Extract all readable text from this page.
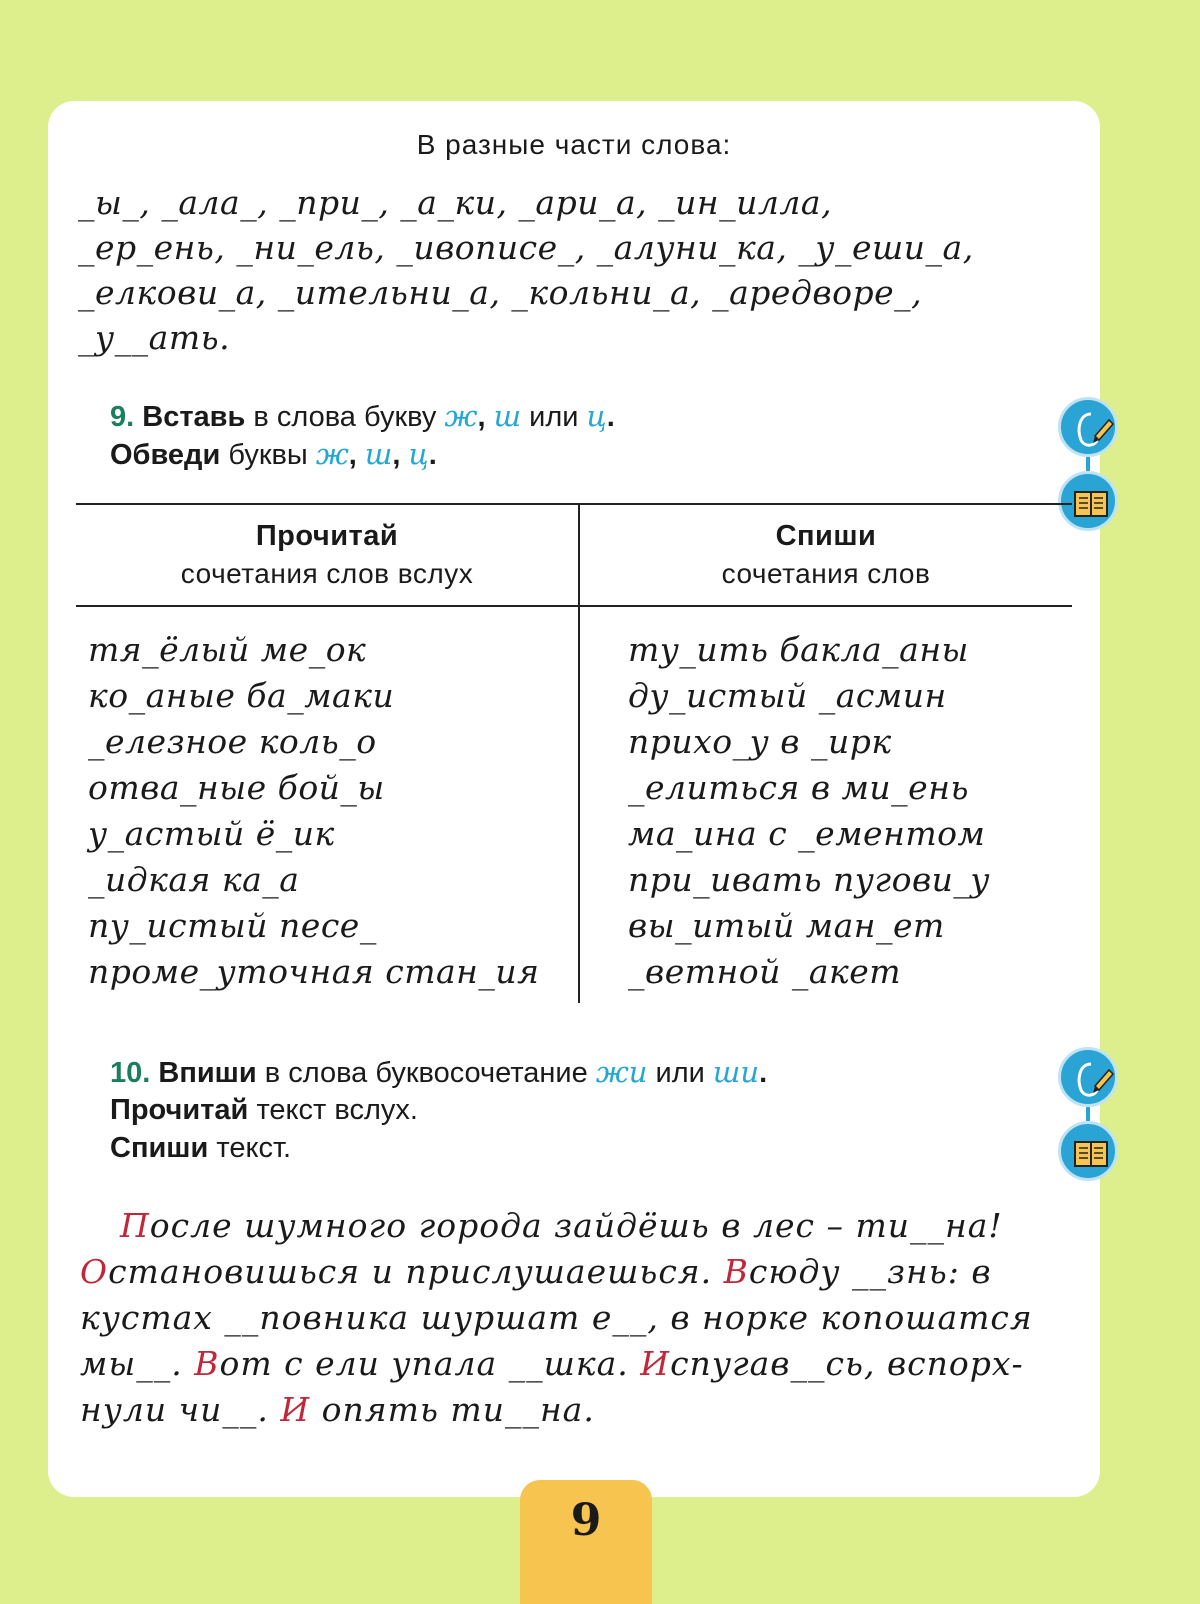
В разные части слова:
_ы_, _ала_, _при_, _а_ки, _ари_а, _ин_илла,
_ер_ень, _ни_ель, _ивописе_, _алуни_ка, _у_еши_а,
_елкови_а, _ительни_а, _кольни_а, _аредворе_,
_у__ать.
9. Вставь в слова букву ж, ш или ц.
Обведи буквы ж, ш, ц.
Прочитай
сочетания слов вслух
Спиши
сочетания слов
тя_ёлый ме_ок
ко_аные ба_маки
_елезное коль_о
отва_ные бой_ы
у_астый ё_ик
_идкая ка_а
пу_истый песе_
проме_уточная стан_ия
ту_ить бакла_аны
ду_истый _асмин
прихо_у в _ирк
_елиться в ми_ень
ма_ина с _ементом
при_ивать пугови_у
вы_итый ман_ет
_ветной _акет
10. Впиши в слова буквосочетание жи или ши.
Прочитай текст вслух.
Спиши текст.
После шумного города зайдёшь в лес – ти__на!
Остановишься и прислушаешься. Всюду __знь: в
кустах __повника шуршат е__, в норке копошатся
мы__. Вот с ели упала __шка. Испугав__сь, вспорх-
нули чи__. И опять ти__на.
9
